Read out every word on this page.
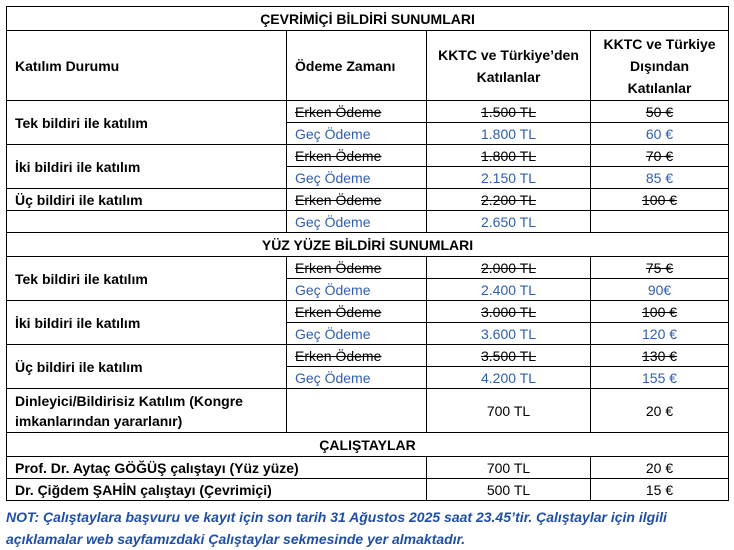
ÇEVRİMİÇİ BİLDİRİ SUNUMLARI			
Katılım Durumu	Ödeme Zamanı	KKTC ve Türkiye’den Katılanlar	KKTC ve Türkiye Dışından Katılanlar
Tek bildiri ile katılım	Erken Ödeme	1.500 TL	50 €
	Geç Ödeme	1.800 TL	60 €
İki bildiri ile katılım	Erken Ödeme	1.800 TL	70 €
	Geç Ödeme	2.150 TL	85 €
Üç bildiri ile katılım	Erken Ödeme	2.200 TL	100 €
	Geç Ödeme	2.650 TL	
YÜZ YÜZE BİLDİRİ SUNUMLARI			
Tek bildiri ile katılım	Erken Ödeme	2.000 TL	75 €
	Geç Ödeme	2.400 TL	90€
İki bildiri ile katılım	Erken Ödeme	3.000 TL	100 €
	Geç Ödeme	3.600 TL	120 €
Üç bildiri ile katılım	Erken Ödeme	3.500 TL	130 €
	Geç Ödeme	4.200 TL	155 €
Dinleyici/Bildirisiz Katılım (Kongre imkanlarından yararlanır)		700 TL	20 €
ÇALIŞTAYLAR			
Prof. Dr. Aytaç GÖĞÜŞ çalıştayı (Yüz yüze)		700 TL	20 €
Dr. Çiğdem ŞAHİN çalıştayı (Çevrimiçi)		500 TL	15 €
NOT: Çalıştaylara başvuru ve kayıt için son tarih 31 Ağustos 2025 saat 23.45’tir. Çalıştaylar için ilgili açıklamalar web sayfamızdaki Çalıştaylar sekmesinde yer almaktadır.
